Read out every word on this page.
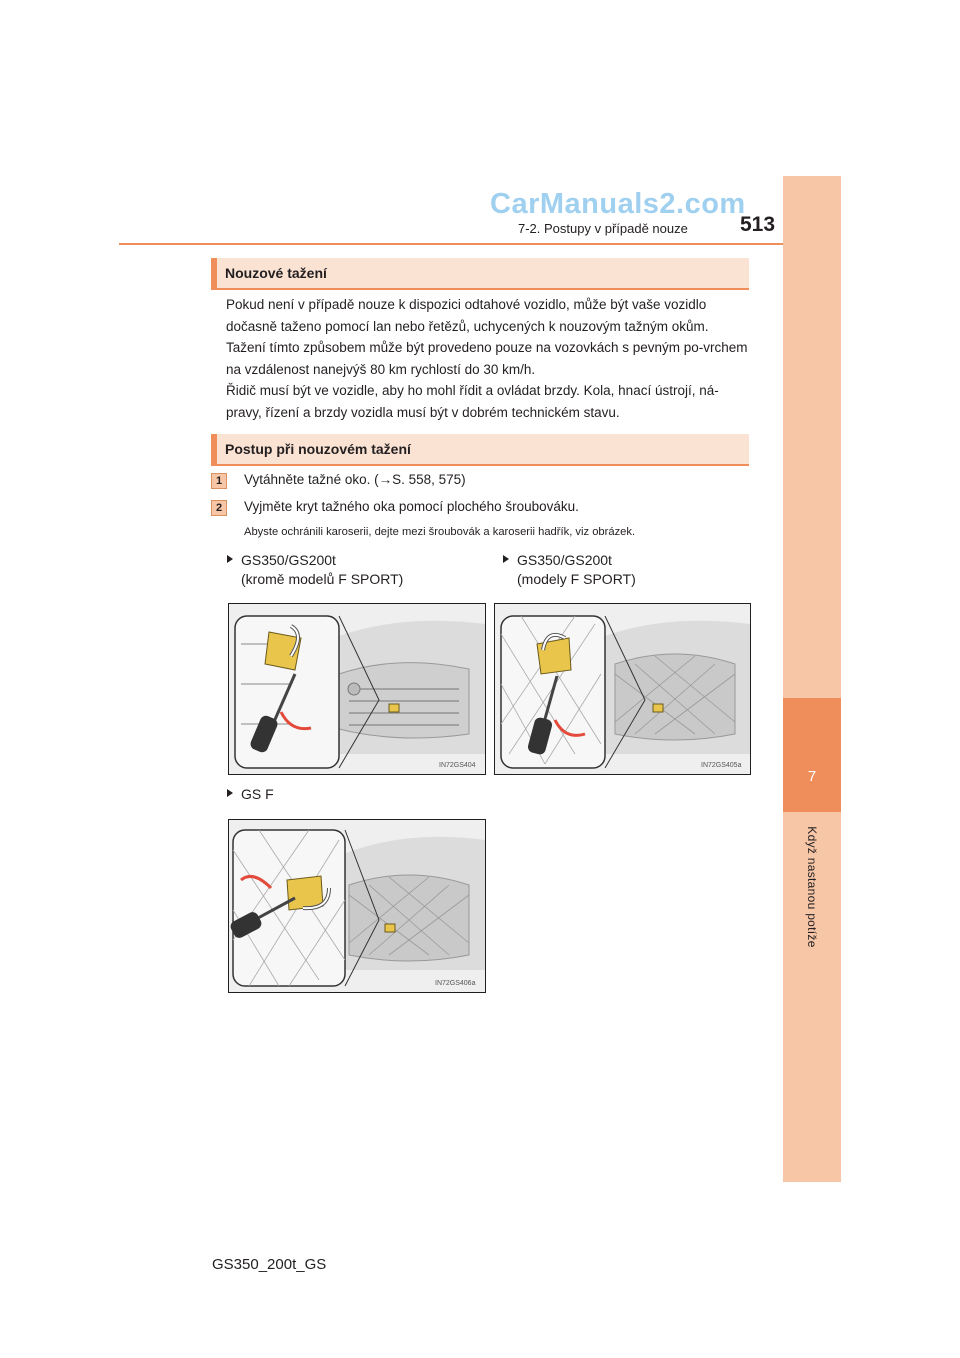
7
Když nastanou potíže
CarManuals2.com
7-2. Postupy v případě nouze 513
Nouzové tažení
Pokud není v případě nouze k dispozici odtahové vozidlo, může být vaše vozidlo dočasně taženo pomocí lan nebo řetězů, uchycených k nouzovým tažným okům. Tažení tímto způsobem může být provedeno pouze na vozovkách s pevným po-vrchem na vzdálenost nanejvýš 80 km rychlostí do 30 km/h.
Řidič musí být ve vozidle, aby ho mohl řídit a ovládat brzdy. Kola, hnací ústrojí, ná-pravy, řízení a brzdy vozidla musí být v dobrém technickém stavu.
Postup při nouzovém tažení
1	Vytáhněte tažné oko. (→S. 558, 575)
2	Vyjměte kryt tažného oka pomocí plochého šroubováku.
Abyste ochránili karoserii, dejte mezi šroubovák a karoserii hadřík, viz obrázek.
GS350/GS200t
(kromě modelů F SPORT)
GS350/GS200t
(modely F SPORT)
IN72GS404	IN72GS405a
GS F
IN72GS406a
GS350_200t_GS
